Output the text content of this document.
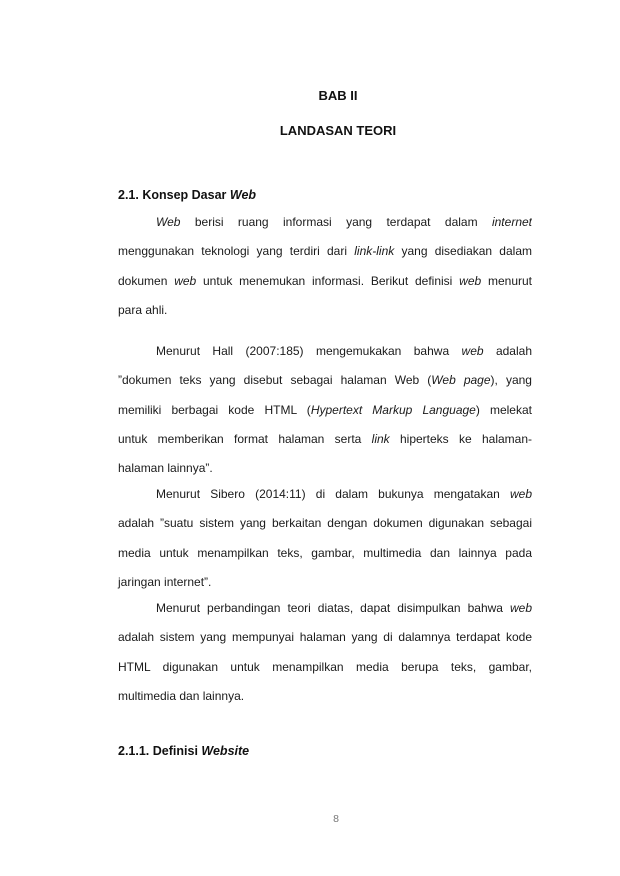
BAB II

LANDASAN TEORI

2.1. Konsep Dasar Web

Web berisi ruang informasi yang terdapat dalam internet
menggunakan teknologi yang terdiri dari link-link yang disediakan dalam
dokumen web untuk menemukan informasi. Berikut definisi web menurut
para ahli.
Menurut Hall (2007:185) mengemukakan bahwa web adalah
”dokumen teks yang disebut sebagai halaman Web (Web page), yang
memiliki berbagai kode HTML (Hypertext Markup Language) melekat
untuk memberikan format halaman serta link hiperteks ke halaman-
halaman lainnya”.
Menurut Sibero (2014:11) di dalam bukunya mengatakan web
adalah ”suatu sistem yang berkaitan dengan dokumen digunakan sebagai
media untuk menampilkan teks, gambar, multimedia dan lainnya pada
jaringan internet”.
Menurut perbandingan teori diatas, dapat disimpulkan bahwa web
adalah sistem yang mempunyai halaman yang di dalamnya terdapat kode
HTML digunakan untuk menampilkan media berupa teks, gambar,
multimedia dan lainnya.

2.1.1. Definisi Website

8
